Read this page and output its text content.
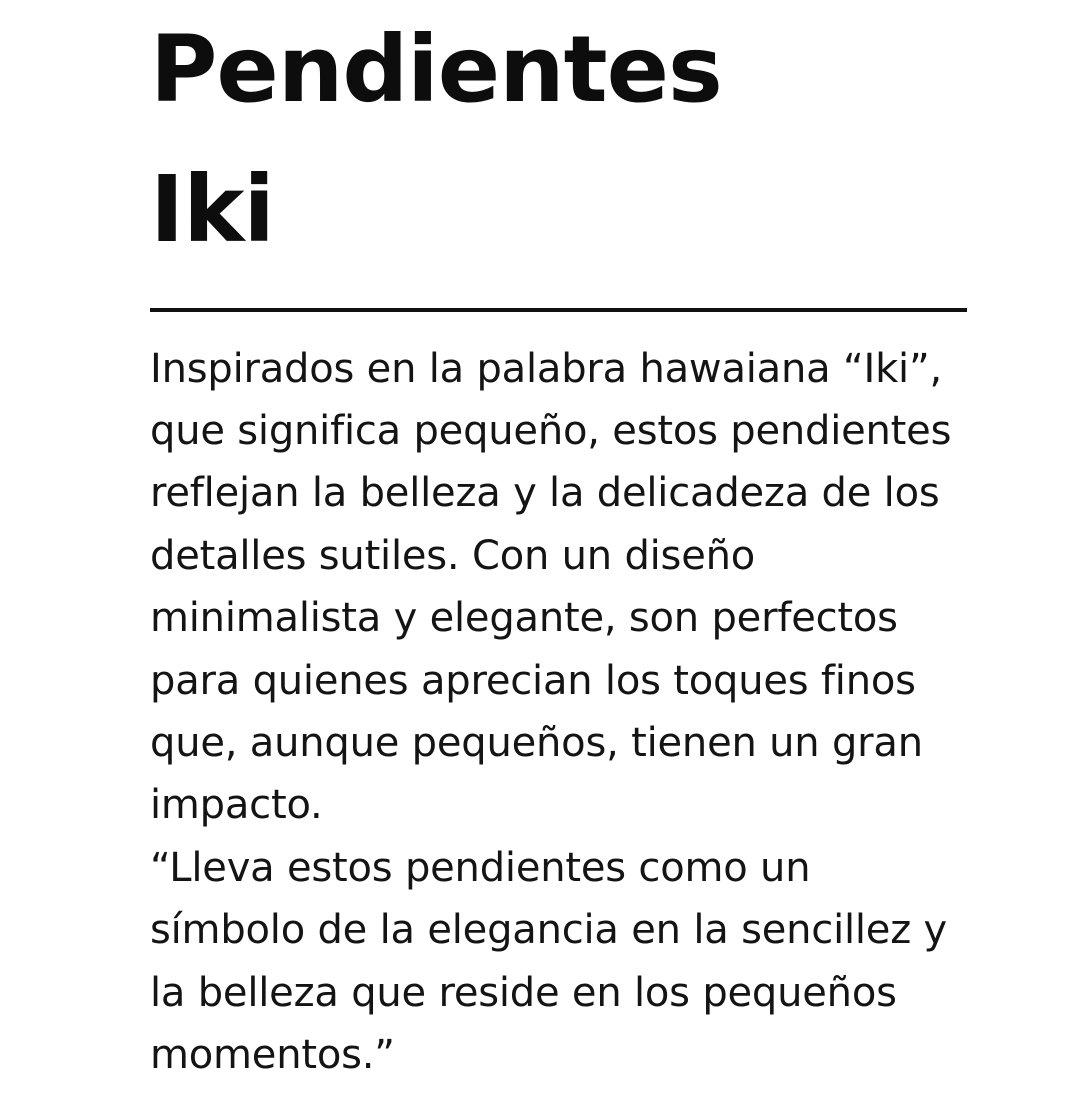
Pendientes Iki

Inspirados en la palabra hawaiana “Iki”, que significa pequeño, estos pendientes reflejan la belleza y la delicadeza de los detalles sutiles. Con un diseño minimalista y elegante, son perfectos para quienes aprecian los toques finos que, aunque pequeños, tienen un gran impacto.

“Lleva estos pendientes como un símbolo de la elegancia en la sencillez y la belleza que reside en los pequeños momentos.”
